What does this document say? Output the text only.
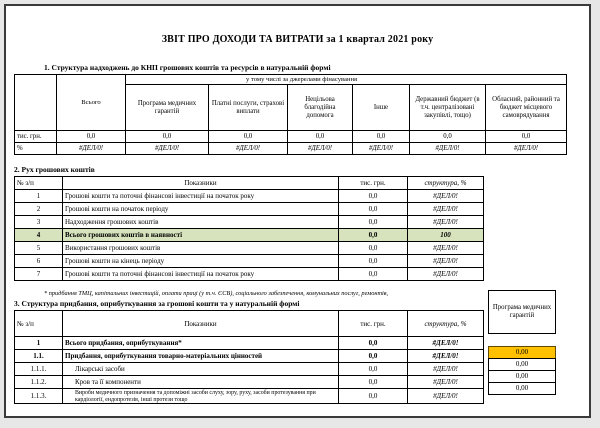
ЗВІТ ПРО ДОХОДИ ТА ВИТРАТИ за 1 квартал 2021 року
1. Структура надходжень до КНП грошових коштів та ресурсів в натуральній формі
	Всього	у тому числі за джерелами фінасування					
		Програма медичних гарантій	Платні послуги, страхові виплати	Нецільова благодійна допомога	Інше	Державний бюджет (в т.ч. централізовані закупівлі, тощо)	Обласний, районний та бюджет місцевого самоврядування
тис. грн.	0,0	0,0	0,0	0,0	0,0	0,0	0,0
%	#ДЕЛ/0!	#ДЕЛ/0!	#ДЕЛ/0!	#ДЕЛ/0!	#ДЕЛ/0!	#ДЕЛ/0!	#ДЕЛ/0!
2. Рух грошових коштів
№ з/п	Показники	тис. грн.	структура, %
1	Грошові кошти та поточні фінансові інвестиції на початок року	0,0	#ДЕЛ/0!
2	Грошові кошти на початок періоду	0,0	#ДЕЛ/0!
3	Надходження грошових коштів	0,0	#ДЕЛ/0!
4	Всього грошових коштів в наявності	0,0	100
5	Використання грошових коштів	0,0	#ДЕЛ/0!
6	Грошові кошти на кінець періоду	0,0	#ДЕЛ/0!
7	Грошові кошти та поточні фінансові інвестиції на початок року	0,0	#ДЕЛ/0!
* придбання ТМЦ, капітальних інвестицій, оплати праці (у т.ч. ЄСВ), соціального забезпечення, комунальних послуг, ремонтів,
3. Структура придбання, оприбуткування за грошові кошти та у натуральній формі
№ з/п	Показники	тис. грн.	структура, %
1	Всього придбання, оприбуткування*	0,0	#ДЕЛ/0!
1.1.	Придбання, оприбуткування товарно-матеріальних цінностей	0,0	#ДЕЛ/0!
1.1.1.	Лікарські засоби	0,0	#ДЕЛ/0!
1.1.2.	Кров та її компоненти	0,0	#ДЕЛ/0!
1.1.3.	Вироби медичного призначення та допоміжні засоби слуху, зору, руху, засоби протезування при кардіології, ендопротезів, інші протези тощо	0,0	#ДЕЛ/0!
Програма медичних гарантій
0,00
0,00
0,00
0,00
